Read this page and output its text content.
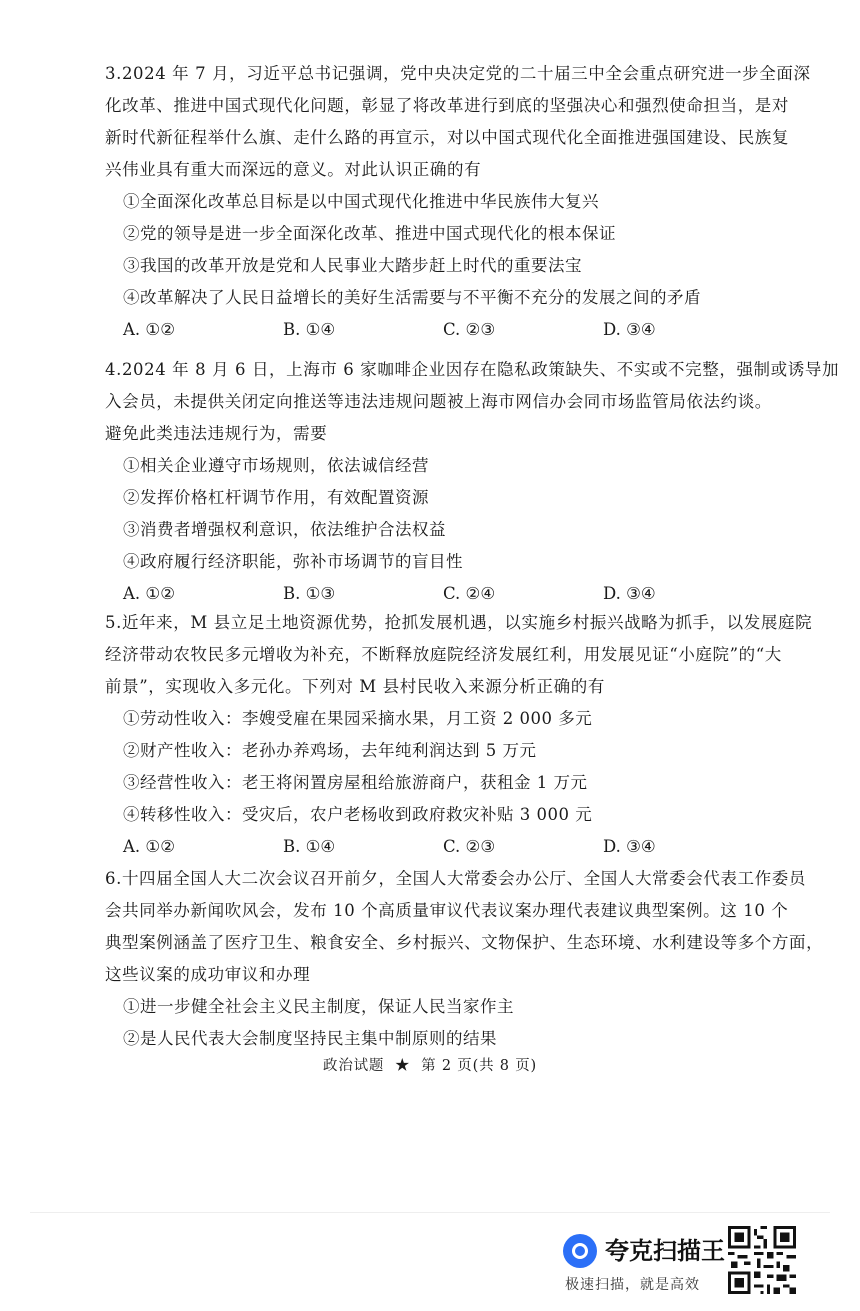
3.2024 年 7 月，习近平总书记强调，党中央决定党的二十届三中全会重点研究进一步全面深
化改革、推进中国式现代化问题，彰显了将改革进行到底的坚强决心和强烈使命担当，是对
新时代新征程举什么旗、走什么路的再宣示，对以中国式现代化全面推进强国建设、民族复
兴伟业具有重大而深远的意义。对此认识正确的有
①全面深化改革总目标是以中国式现代化推进中华民族伟大复兴
②党的领导是进一步全面深化改革、推进中国式现代化的根本保证
③我国的改革开放是党和人民事业大踏步赶上时代的重要法宝
④改革解决了人民日益增长的美好生活需要与不平衡不充分的发展之间的矛盾
A. ①②	B. ①④	C. ②③	D. ③④
4.2024 年 8 月 6 日，上海市 6 家咖啡企业因存在隐私政策缺失、不实或不完整，强制或诱导加
入会员，未提供关闭定向推送等违法违规问题被上海市网信办会同市场监管局依法约谈。
避免此类违法违规行为，需要
①相关企业遵守市场规则，依法诚信经营
②发挥价格杠杆调节作用，有效配置资源
③消费者增强权利意识，依法维护合法权益
④政府履行经济职能，弥补市场调节的盲目性
A. ①②	B. ①③	C. ②④	D. ③④
5.近年来，M 县立足土地资源优势，抢抓发展机遇，以实施乡村振兴战略为抓手，以发展庭院
经济带动农牧民多元增收为补充，不断释放庭院经济发展红利，用发展见证“小庭院”的“大
前景”，实现收入多元化。下列对 M 县村民收入来源分析正确的有
①劳动性收入：李嫂受雇在果园采摘水果，月工资 2 000 多元
②财产性收入：老孙办养鸡场，去年纯利润达到 5 万元
③经营性收入：老王将闲置房屋租给旅游商户，获租金 1 万元
④转移性收入：受灾后，农户老杨收到政府救灾补贴 3 000 元
A. ①②	B. ①④	C. ②③	D. ③④
6.十四届全国人大二次会议召开前夕，全国人大常委会办公厅、全国人大常委会代表工作委员
会共同举办新闻吹风会，发布 10 个高质量审议代表议案办理代表建议典型案例。这 10 个
典型案例涵盖了医疗卫生、粮食安全、乡村振兴、文物保护、生态环境、水利建设等多个方面，
这些议案的成功审议和办理
①进一步健全社会主义民主制度，保证人民当家作主
②是人民代表大会制度坚持民主集中制原则的结果
政治试题  ★  第 2 页(共 8 页)
夸克扫描王
极速扫描，就是高效
